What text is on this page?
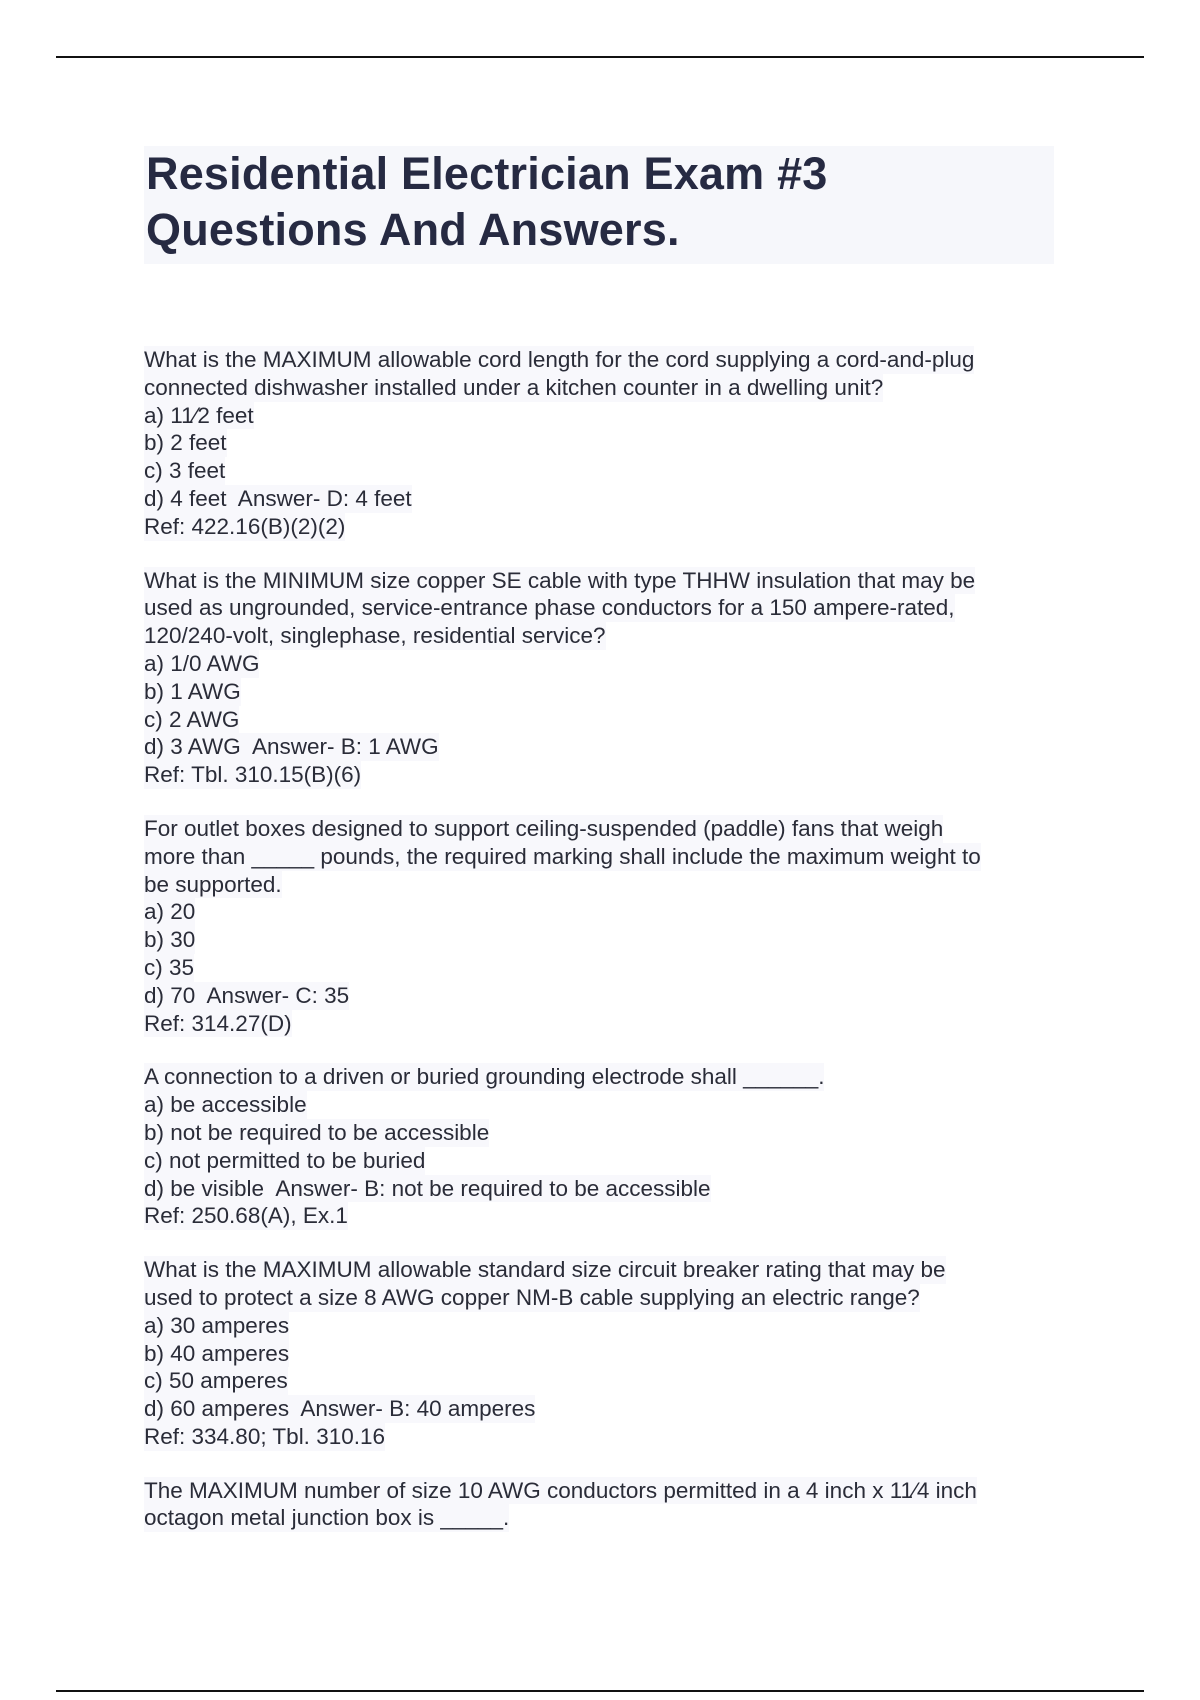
Residential Electrician Exam #3
Questions And Answers.
What is the MAXIMUM allowable cord length for the cord supplying a cord-and-plug
connected dishwasher installed under a kitchen counter in a dwelling unit?
a) 11⁄2 feet
b) 2 feet
c) 3 feet
d) 4 feet  Answer- D: 4 feet
Ref: 422.16(B)(2)(2)
What is the MINIMUM size copper SE cable with type THHW insulation that may be
used as ungrounded, service-entrance phase conductors for a 150 ampere-rated,
120/240-volt, singlephase, residential service?
a) 1/0 AWG
b) 1 AWG
c) 2 AWG
d) 3 AWG  Answer- B: 1 AWG
Ref: Tbl. 310.15(B)(6)
For outlet boxes designed to support ceiling-suspended (paddle) fans that weigh
more than _____ pounds, the required marking shall include the maximum weight to
be supported.
a) 20
b) 30
c) 35
d) 70  Answer- C: 35
Ref: 314.27(D)
A connection to a driven or buried grounding electrode shall ______.
a) be accessible
b) not be required to be accessible
c) not permitted to be buried
d) be visible  Answer- B: not be required to be accessible
Ref: 250.68(A), Ex.1
What is the MAXIMUM allowable standard size circuit breaker rating that may be
used to protect a size 8 AWG copper NM-B cable supplying an electric range?
a) 30 amperes
b) 40 amperes
c) 50 amperes
d) 60 amperes  Answer- B: 40 amperes
Ref: 334.80; Tbl. 310.16
The MAXIMUM number of size 10 AWG conductors permitted in a 4 inch x 11⁄4 inch
octagon metal junction box is _____.
